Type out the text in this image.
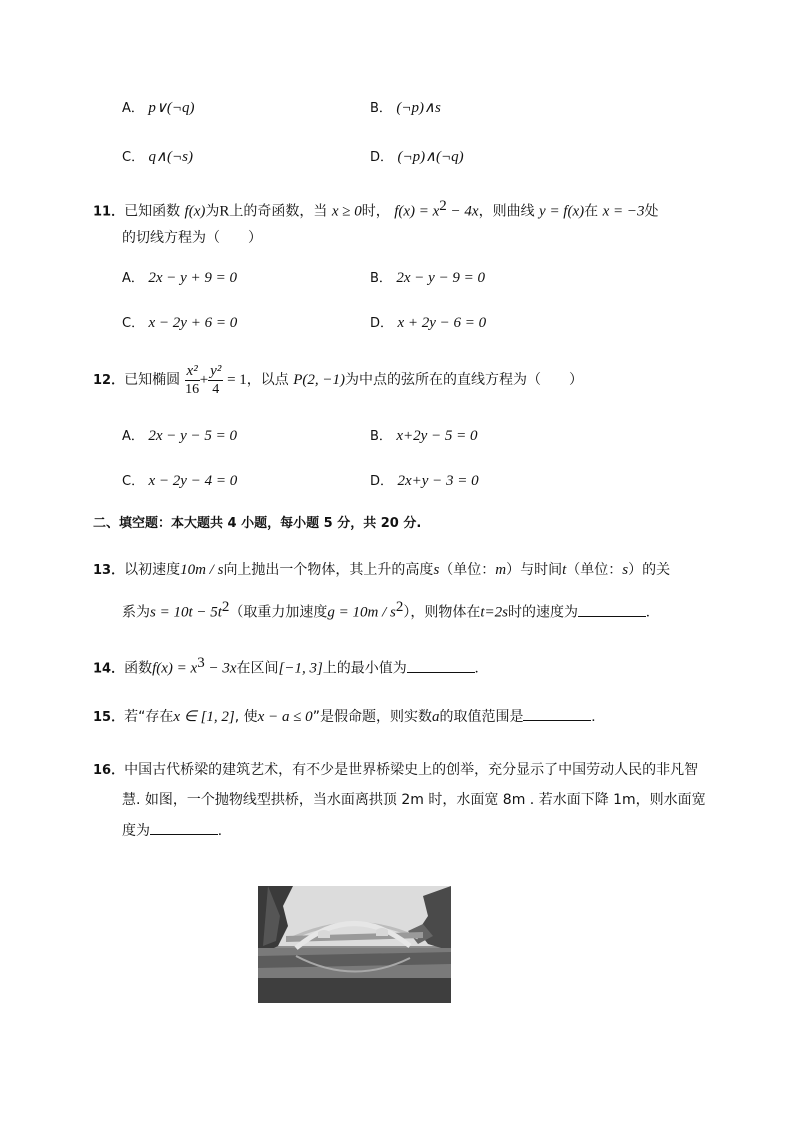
A． p∨(¬q)	B． (¬p)∧s
C． q∧(¬s)	D． (¬p)∧(¬q)
11．已知函数 f(x)为R上的奇函数，当 x ≥ 0时， $f(x) = x^2 - 4x$，则曲线 y = f(x)在 x = −3处
的切线方程为（　　）
A． 2x − y + 9 = 0	B． 2x − y − 9 = 0
C． x − 2y + 6 = 0	D． x + 2y − 6 = 0
12．已知椭圆 $\frac{\text{x²}}{16} + \frac{\text{y²}}{4} = 1$，以点 P(2, −1)为中点的弦所在的直线方程为（　　）
A． 2x − y − 5 = 0	B． x+2y − 5 = 0
C． x − 2y − 4 = 0	D． 2x+y − 3 = 0
二、填空题：本大题共 4 小题，每小题 5 分，共 20 分.
13．以初速度10m / s向上抛出一个物体，其上升的高度s（单位：m）与时间t（单位：s）的关
系为$s = 10t - 5t^2$（取重力加速度$g = 10m / s^2$），则物体在t=2s时的速度为	.
14．函数$f(x) = x^3 - 3x$在区间[−1, 3]上的最小值为	.
15．若“存在x ∈ [1, 2], 使x − a ≤ 0”是假命题，则实数a的取值范围是	.
16．中国古代桥梁的建筑艺术，有不少是世界桥梁史上的创举，充分显示了中国劳动人民的非凡智
慧. 如图，一个抛物线型拱桥，当水面离拱顶 2m 时，水面宽 8m . 若水面下降 1m，则水面宽
度为	.
